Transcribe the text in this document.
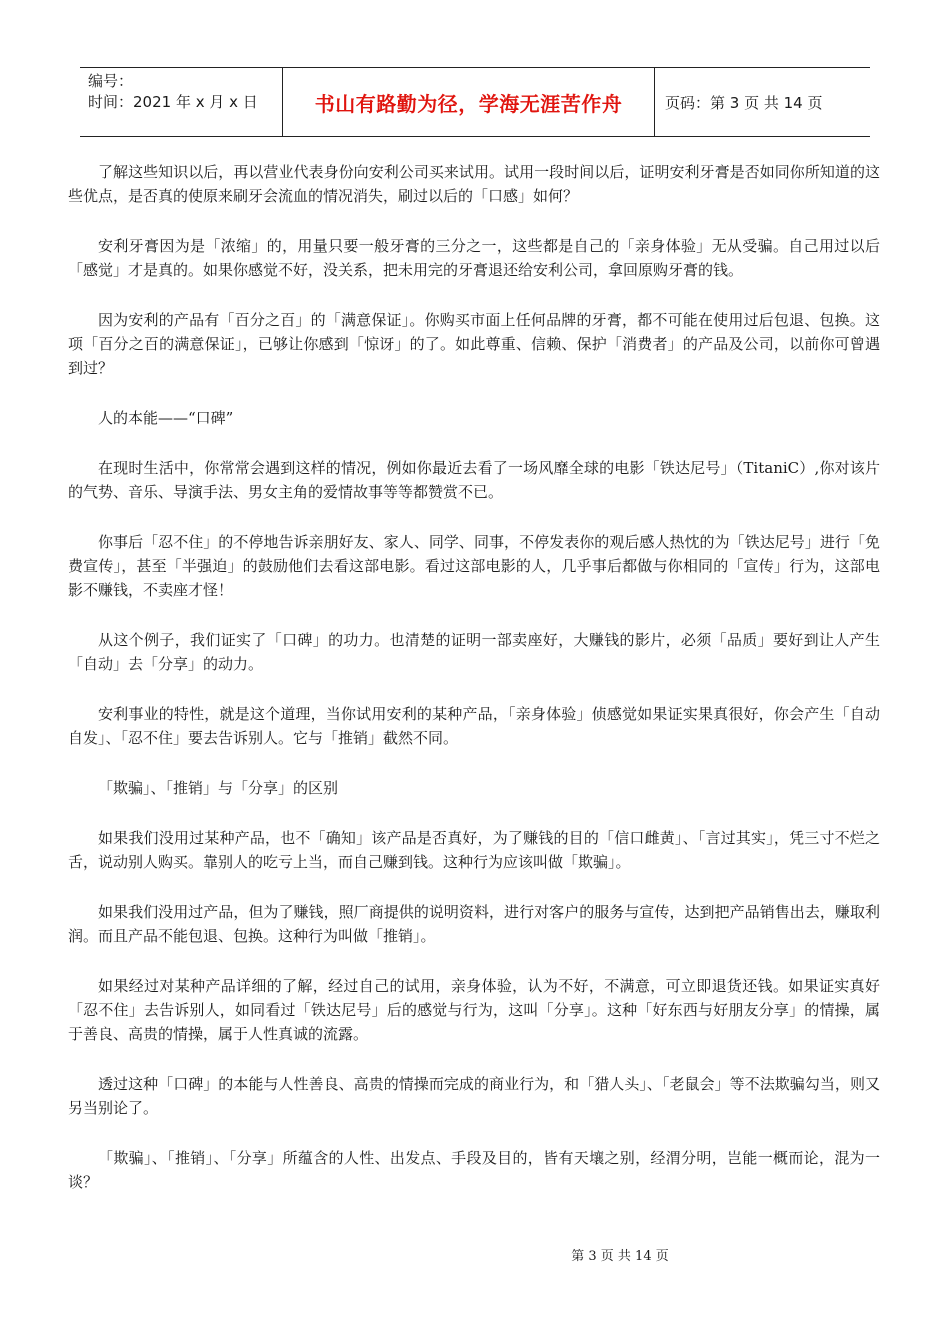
编号：
时间：2021 年 x 月 x 日	书山有路勤为径，学海无涯苦作舟	页码：第 3 页 共 14 页

了解这些知识以后，再以营业代表身份向安利公司买来试用。试用一段时间以后，证明安利牙膏是否如同你所知道的这些优点，是否真的使原来刷牙会流血的情况消失，刷过以后的「口感」如何？

安利牙膏因为是「浓缩」的，用量只要一般牙膏的三分之一，这些都是自己的「亲身体验」无从受骗。自己用过以后「感觉」才是真的。如果你感觉不好，没关系，把未用完的牙膏退还给安利公司，拿回原购牙膏的钱。

因为安利的产品有「百分之百」的「满意保证」。你购买市面上任何品牌的牙膏，都不可能在使用过后包退、包换。这项「百分之百的满意保证」，已够让你感到「惊讶」的了。如此尊重、信赖、保护「消费者」的产品及公司，以前你可曾遇到过？

人的本能——“口碑”

在现时生活中，你常常会遇到这样的情况，例如你最近去看了一场风靡全球的电影「铁达尼号」（TitaniC）,你对该片的气势、音乐、导演手法、男女主角的爱情故事等等都赞赏不已。

你事后「忍不住」的不停地告诉亲朋好友、家人、同学、同事，不停发表你的观后感人热忱的为「铁达尼号」进行「免费宣传」，甚至「半强迫」的鼓励他们去看这部电影。看过这部电影的人，几乎事后都做与你相同的「宣传」行为，这部电影不赚钱，不卖座才怪！

从这个例子，我们证实了「口碑」的功力。也清楚的证明一部卖座好，大赚钱的影片，必须「品质」要好到让人产生「自动」去「分享」的动力。

安利事业的特性，就是这个道理，当你试用安利的某种产品，「亲身体验」侦感觉如果证实果真很好，你会产生「自动自发」、「忍不住」要去告诉别人。它与「推销」截然不同。

「欺骗」、「推销」与「分享」的区别

如果我们没用过某种产品，也不「确知」该产品是否真好，为了赚钱的目的「信口雌黄」、「言过其实」，凭三寸不烂之舌，说动别人购买。靠别人的吃亏上当，而自己赚到钱。这种行为应该叫做「欺骗」。

如果我们没用过产品，但为了赚钱，照厂商提供的说明资料，进行对客户的服务与宣传，达到把产品销售出去，赚取利润。而且产品不能包退、包换。这种行为叫做「推销」。

如果经过对某种产品详细的了解，经过自己的试用，亲身体验，认为不好，不满意，可立即退货还钱。如果证实真好「忍不住」去告诉别人，如同看过「铁达尼号」后的感觉与行为，这叫「分享」。这种「好东西与好朋友分享」的情操，属于善良、高贵的情操，属于人性真诚的流露。

透过这种「口碑」的本能与人性善良、高贵的情操而完成的商业行为，和「猎人头」、「老鼠会」等不法欺骗勾当，则又另当别论了。

「欺骗」、「推销」、「分享」所蕴含的人性、出发点、手段及目的，皆有天壤之别，经渭分明，岂能一概而论，混为一谈？

第 3 页 共 14 页
